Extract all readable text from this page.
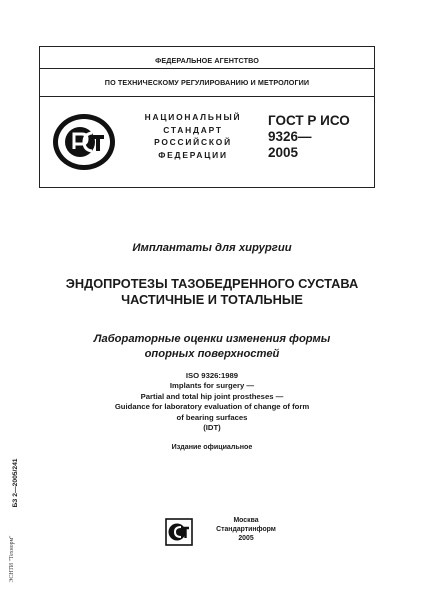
ФЕДЕРАЛЬНОЕ АГЕНТСТВО
ПО ТЕХНИЧЕСКОМУ РЕГУЛИРОВАНИЮ И МЕТРОЛОГИИ
НАЦИОНАЛЬНЫЙ
СТАНДАРТ
РОССИЙСКОЙ
ФЕДЕРАЦИИ
ГОСТ Р ИСО
9326—
2005
Имплантаты для хирургии
ЭНДОПРОТЕЗЫ ТАЗОБЕДРЕННОГО СУСТАВА
ЧАСТИЧНЫЕ И ТОТАЛЬНЫЕ
Лабораторные оценки изменения формы
опорных поверхностей
ISO 9326:1989
Implants for surgery —
Partial and total hip joint prostheses —
Guidance for laboratory evaluation of change of form
of bearing surfaces
(IDT)
Издание официальное
БЗ 2—2005/241
ЭСНТИ "Технорм"
Москва
Стандартинформ
2005
